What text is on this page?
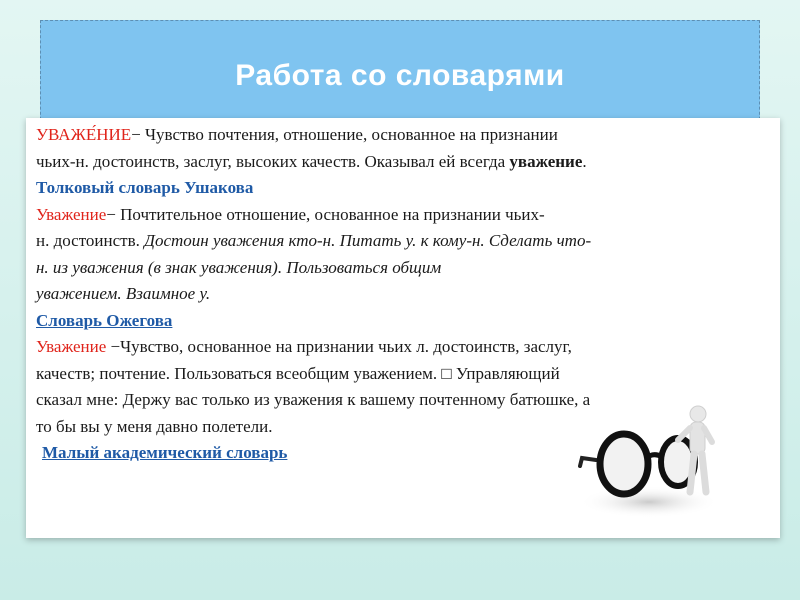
Работа со словарями
УВАЖЕ́НИЕ− Чувство почтения, отношение, основанное на признании
чьих-н. достоинств, заслуг, высоких качеств. Оказывал ей всегда уважение.
Толковый словарь Ушакова
Уважение− Почтительное отношение, основанное на признании чьих-
н. достоинств. Достоин уважения кто-н. Питать у. к кому-н. Сделать что-
н. из уважения (в знак уважения). Пользоваться общим
уважением. Взаимное у.
Словарь Ожегова
Уважение −Чувство, основанное на признании чьих л. достоинств, заслуг,
качеств; почтение. Пользоваться всеобщим уважением. □ Управляющий
сказал мне: Держу вас только из уважения к вашему почтенному батюшке, а
то бы вы у меня давно полетели.
Малый академический словарь
